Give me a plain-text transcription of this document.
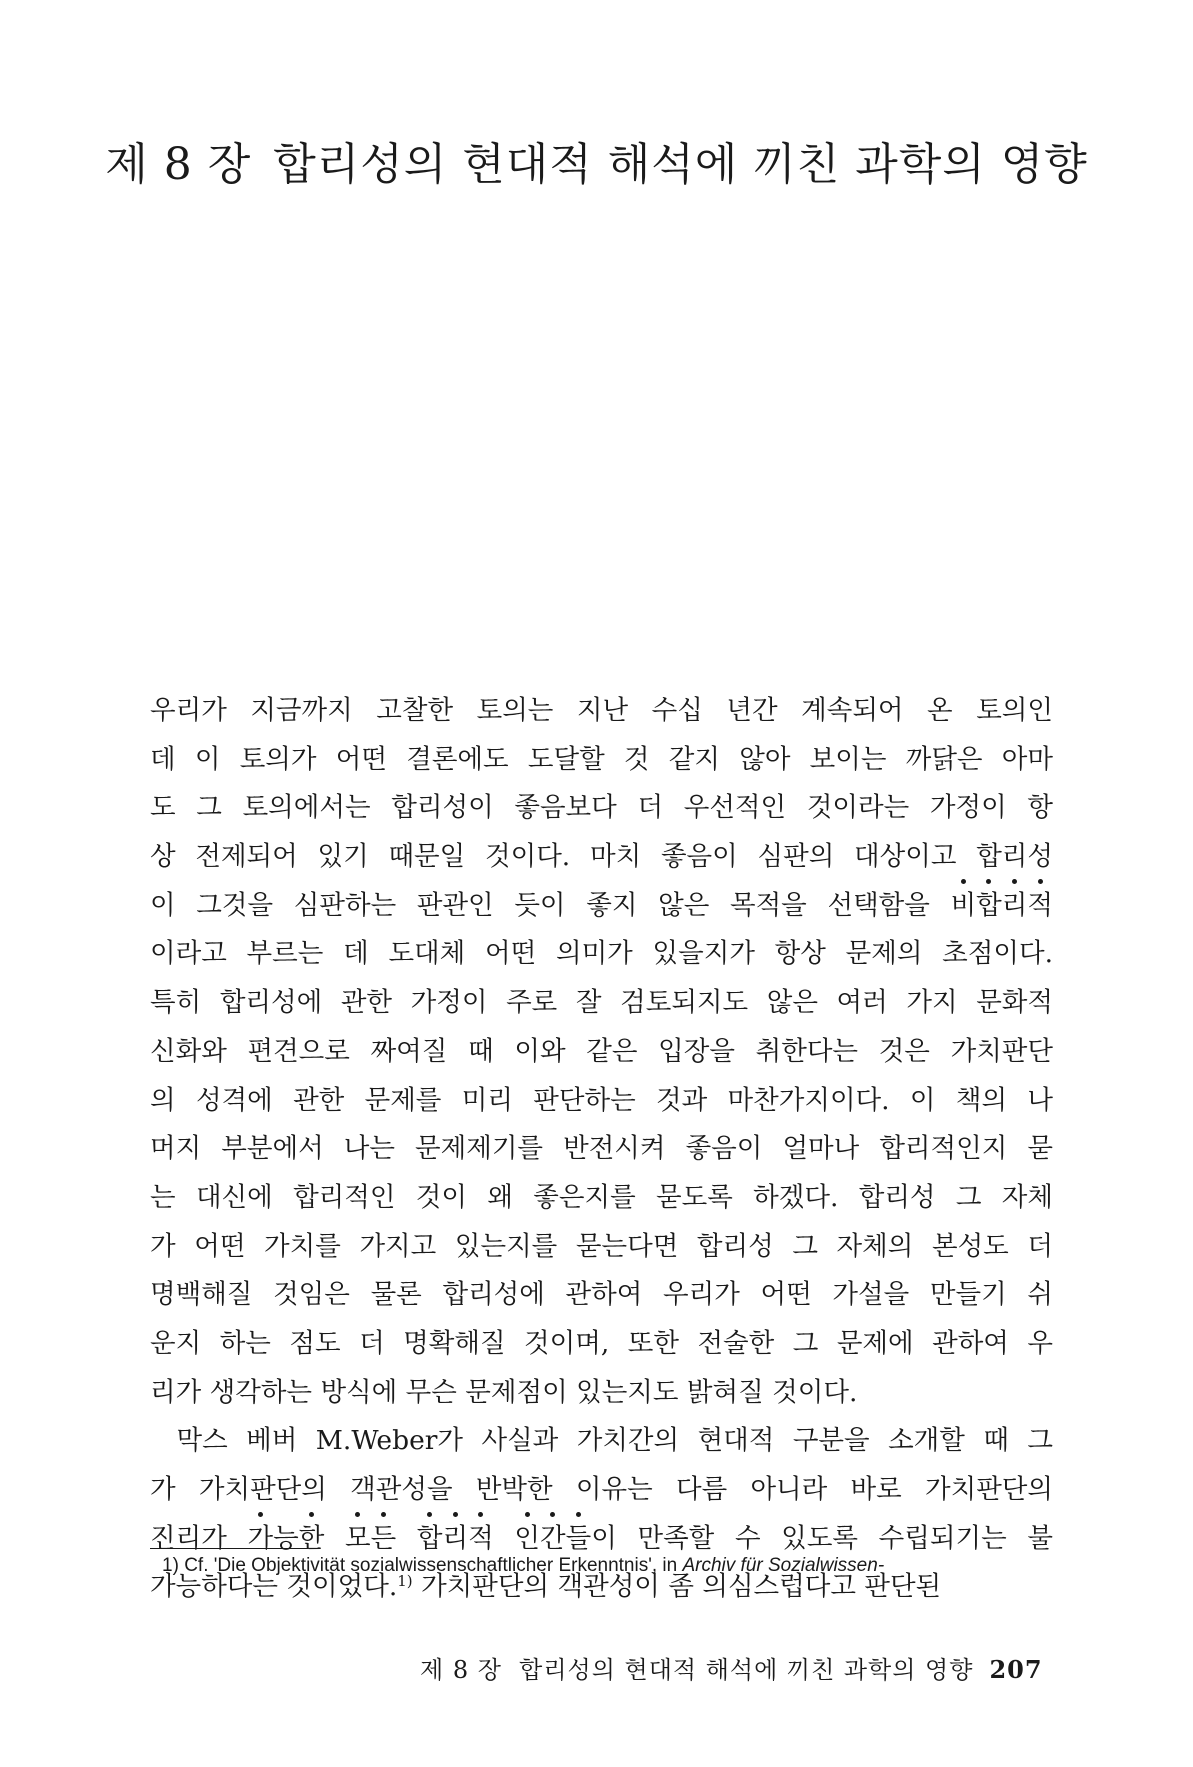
제 8 장 합리성의 현대적 해석에 끼친 과학의 영향
우리가 지금까지 고찰한 토의는 지난 수십 년간 계속되어 온 토의인
데 이 토의가 어떤 결론에도 도달할 것 같지 않아 보이는 까닭은 아마
도 그 토의에서는 합리성이 좋음보다 더 우선적인 것이라는 가정이 항
상 전제되어 있기 때문일 것이다. 마치 좋음이 심판의 대상이고 합리성
이 그것을 심판하는 판관인 듯이 좋지 않은 목적을 선택함을 비합리적
이라고 부르는 데 도대체 어떤 의미가 있을지가 항상 문제의 초점이다.
특히 합리성에 관한 가정이 주로 잘 검토되지도 않은 여러 가지 문화적
신화와 편견으로 짜여질 때 이와 같은 입장을 취한다는 것은 가치판단
의 성격에 관한 문제를 미리 판단하는 것과 마찬가지이다. 이 책의 나
머지 부분에서 나는 문제제기를 반전시켜 좋음이 얼마나 합리적인지 묻
는 대신에 합리적인 것이 왜 좋은지를 묻도록 하겠다. 합리성 그 자체
가 어떤 가치를 가지고 있는지를 묻는다면 합리성 그 자체의 본성도 더
명백해질 것임은 물론 합리성에 관하여 우리가 어떤 가설을 만들기 쉬
운지 하는 점도 더 명확해질 것이며, 또한 전술한 그 문제에 관하여 우
리가 생각하는 방식에 무슨 문제점이 있는지도 밝혀질 것이다.
 막스 베버 M.Weber가 사실과 가치간의 현대적 구분을 소개할 때 그
가 가치판단의 객관성을 반박한 이유는 다름 아니라 바로 가치판단의
진리가 가능한 모든 합리적 인간들이 만족할 수 있도록 수립되기는 불
가능하다는 것이었다.$^{1)}$ 가치판단의 객관성이 좀 의심스럽다고 판단된
1) Cf. 'Die Objektivität sozialwissenschaftlicher Erkenntnis', in Archiv für Sozialwissen-
제 8 장  합리성의 현대적 해석에 끼친 과학의 영향 207
